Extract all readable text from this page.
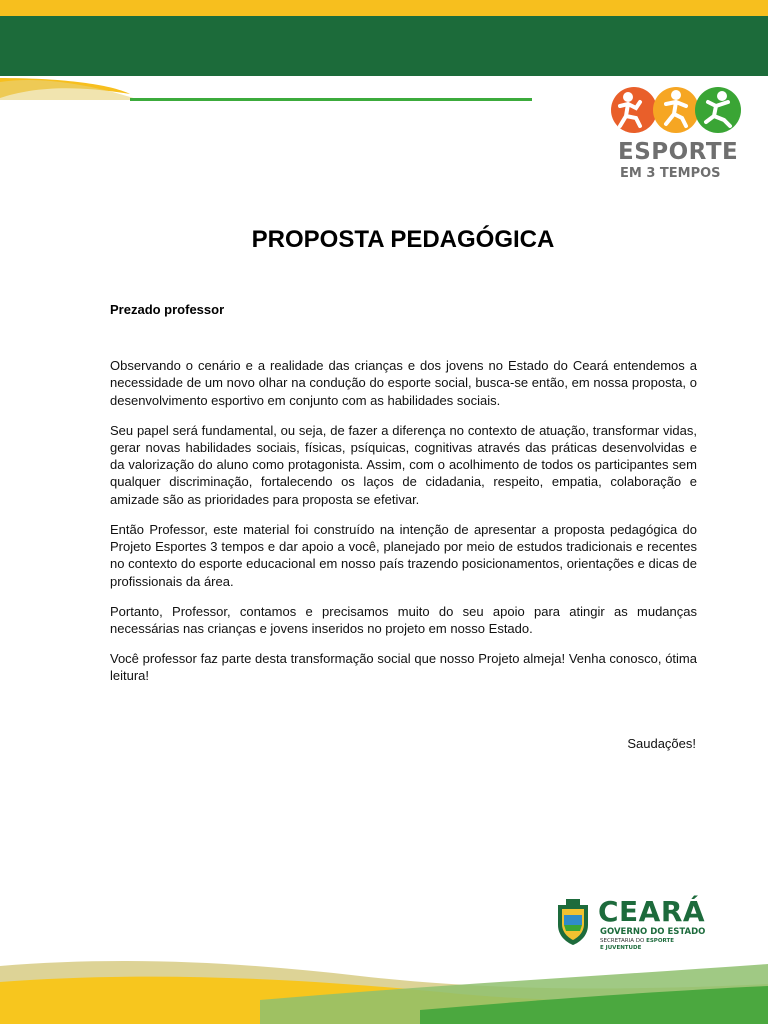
ESPORTE
EM 3 TEMPOS
PROPOSTA PEDAGÓGICA
Prezado professor

Observando o cenário e a realidade das crianças e dos jovens no Estado do Ceará entendemos a necessidade de um novo olhar na condução do esporte social, busca-se então, em nossa proposta, o desenvolvimento esportivo em conjunto com as habilidades sociais.

Seu papel será fundamental, ou seja, de fazer a diferença no contexto de atuação, transformar vidas, gerar novas habilidades sociais, físicas, psíquicas, cognitivas através das práticas desenvolvidas e da valorização do aluno como protagonista. Assim, com o acolhimento de todos os participantes sem qualquer discriminação, fortalecendo os laços de cidadania, respeito, empatia, colaboração e amizade são as prioridades para proposta se efetivar.

Então Professor, este material foi construído na intenção de apresentar a proposta pedagógica do Projeto Esportes 3 tempos e dar apoio a você, planejado por meio de estudos tradicionais e recentes no contexto do esporte educacional em nosso país trazendo posicionamentos, orientações e dicas de profissionais da área.

Portanto, Professor, contamos e precisamos muito do seu apoio para atingir as mudanças necessárias nas crianças e jovens inseridos no projeto em nosso Estado.

Você professor faz parte desta transformação social que nosso Projeto almeja! Venha conosco, ótima leitura!

Saudações!
CEARÁ
GOVERNO DO ESTADO
SECRETARIA DO ESPORTE
E JUVENTUDE
